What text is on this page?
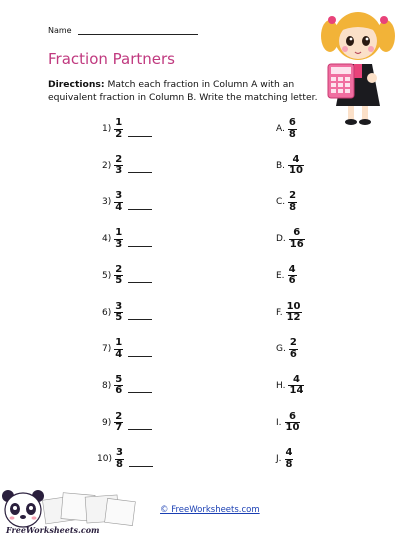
Name
Fraction Partners
Directions: Match each fraction in Column A with an equivalent fraction in Column B. Write the matching letter.
$1) \frac{1}{2}$
$2) \frac{2}{3}$
$3) \frac{3}{4}$
$4) \frac{1}{3}$
$5) \frac{2}{5}$
$6) \frac{3}{5}$
$7) \frac{1}{4}$
$8) \frac{5}{6}$
$9) \frac{2}{7}$
$10) \frac{3}{8}$
A. $\frac{6}{8}$
B. $\frac{4}{10}$
C. $\frac{2}{8}$
D. $\frac{6}{16}$
E. $\frac{4}{6}$
F. $\frac{10}{12}$
G. $\frac{2}{6}$
H. $\frac{4}{14}$
I. $\frac{6}{10}$
J. $\frac{4}{8}$
FreeWorksheets.com
© FreeWorksheets.com
